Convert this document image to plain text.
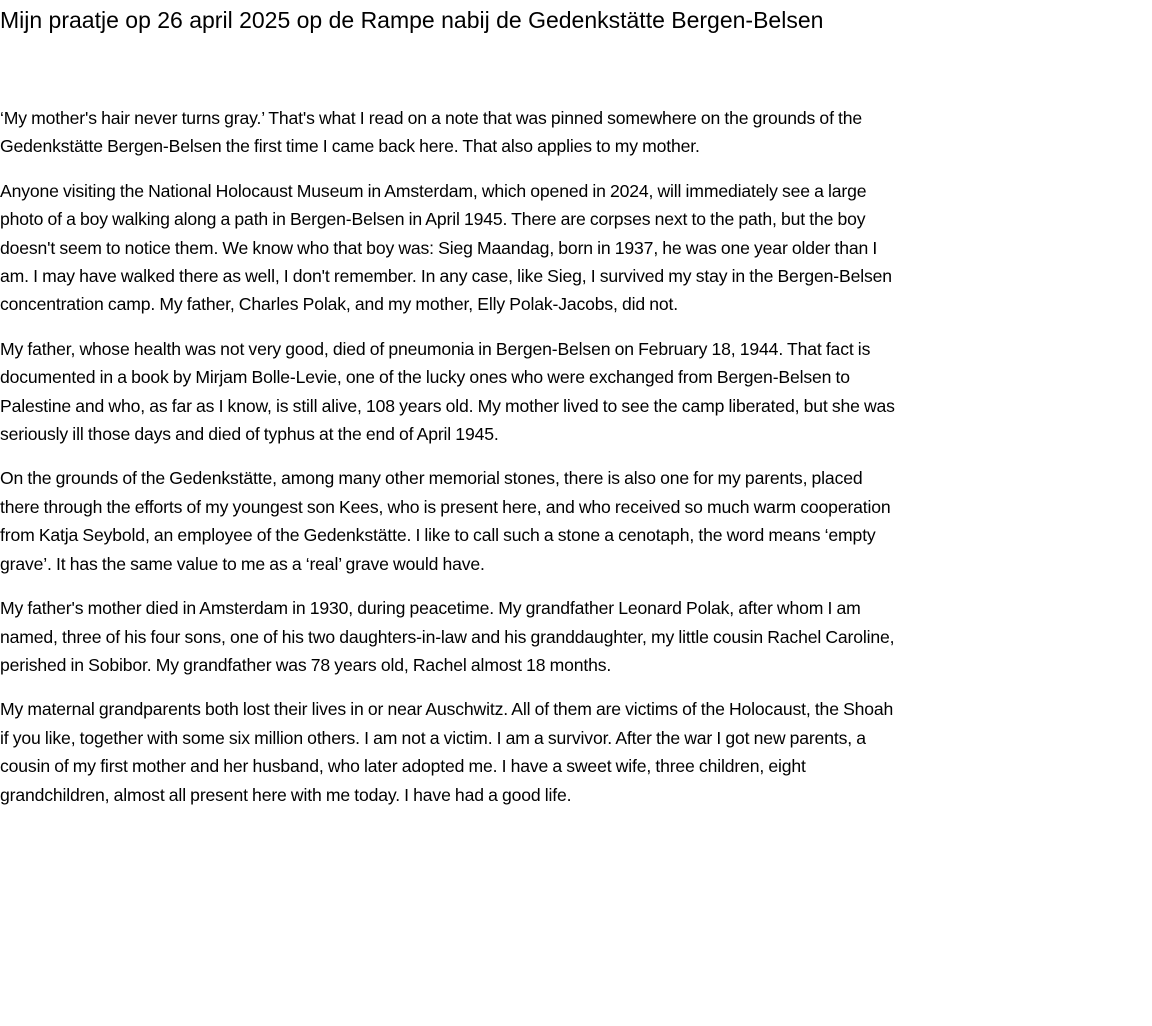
Mijn praatje op 26 april 2025 op de Rampe nabij de Gedenkstätte Bergen-Belsen

‘My mother's hair never turns gray.’ That's what I read on a note that was pinned somewhere on the grounds of the Gedenkstätte Bergen-Belsen the first time I came back here. That also applies to my mother.

Anyone visiting the National Holocaust Museum in Amsterdam, which opened in 2024, will immediately see a large photo of a boy walking along a path in Bergen-Belsen in April 1945. There are corpses next to the path, but the boy doesn't seem to notice them. We know who that boy was: Sieg Maandag, born in 1937, he was one year older than I am. I may have walked there as well, I don't remember. In any case, like Sieg, I survived my stay in the Bergen-Belsen concentration camp. My father, Charles Polak, and my mother, Elly Polak-Jacobs, did not.

My father, whose health was not very good, died of pneumonia in Bergen-Belsen on February 18, 1944. That fact is documented in a book by Mirjam Bolle-Levie, one of the lucky ones who were exchanged from Bergen-Belsen to Palestine and who, as far as I know, is still alive, 108 years old. My mother lived to see the camp liberated, but she was seriously ill those days and died of typhus at the end of April 1945.

On the grounds of the Gedenkstätte, among many other memorial stones, there is also one for my parents, placed there through the efforts of my youngest son Kees, who is present here, and who received so much warm cooperation from Katja Seybold, an employee of the Gedenkstätte. I like to call such a stone a cenotaph, the word means ‘empty grave’. It has the same value to me as a ‘real’ grave would have.

My father's mother died in Amsterdam in 1930, during peacetime. My grandfather Leonard Polak, after whom I am named, three of his four sons, one of his two daughters-in-law and his granddaughter, my little cousin Rachel Caroline, perished in Sobibor. My grandfather was 78 years old, Rachel almost 18 months.

My maternal grandparents both lost their lives in or near Auschwitz. All of them are victims of the Holocaust, the Shoah if you like, together with some six million others. I am not a victim. I am a survivor. After the war I got new parents, a cousin of my first mother and her husband, who later adopted me. I have a sweet wife, three children, eight grandchildren, almost all present here with me today. I have had a good life.
